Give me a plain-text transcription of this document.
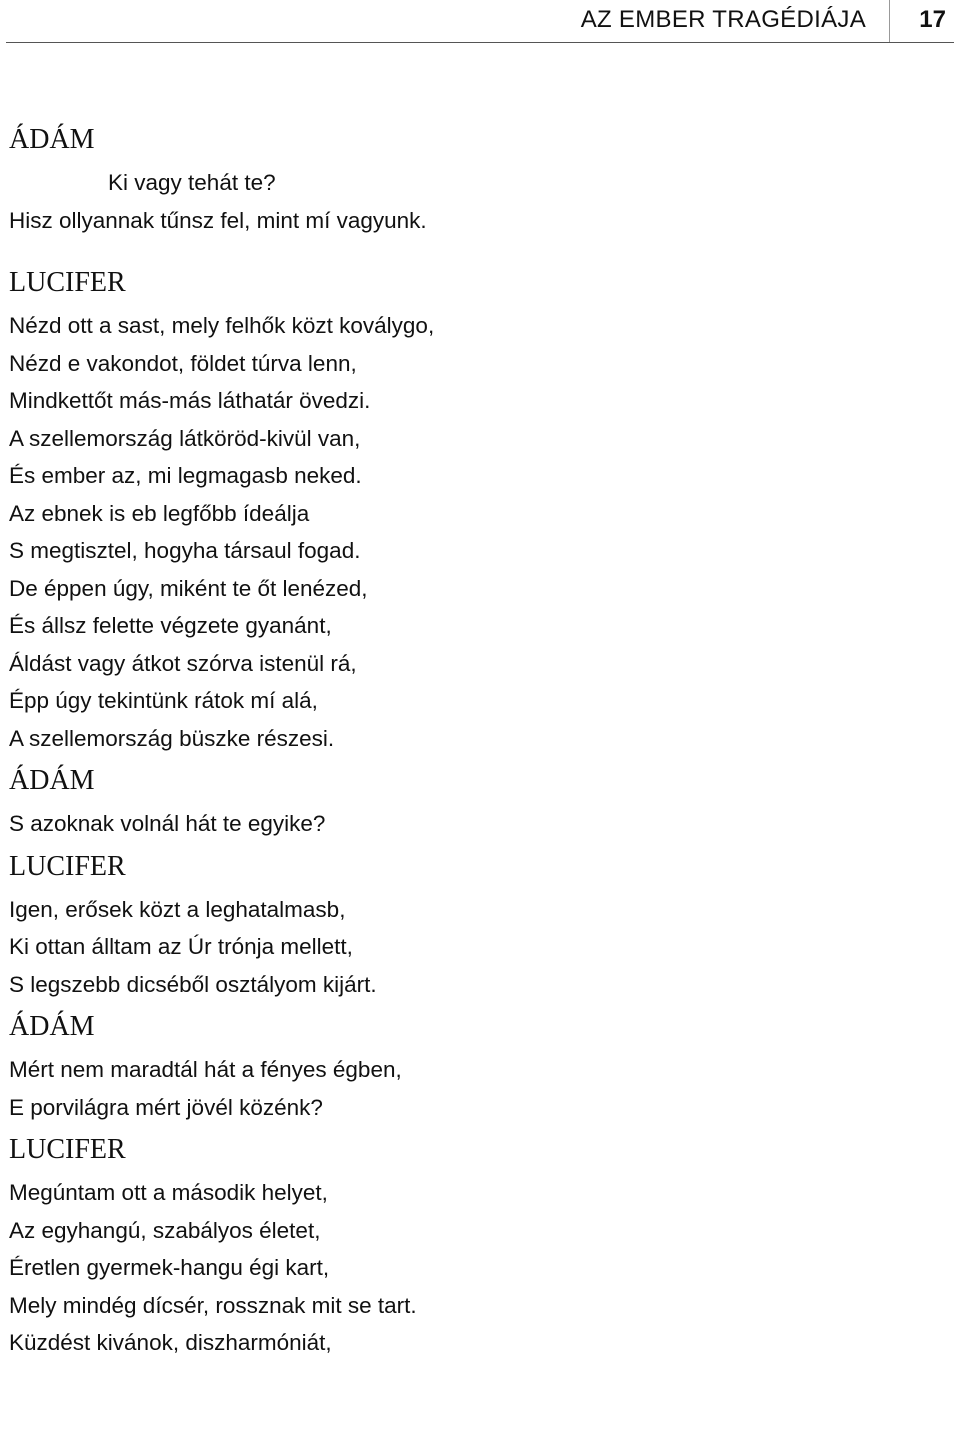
AZ EMBER TRAGÉDIÁJA 17
ÁDÁM
Ki vagy tehát te?
Hisz ollyannak tűnsz fel, mint mí vagyunk.
LUCIFER
Nézd ott a sast, mely felhők közt koválygo,
Nézd e vakondot, földet túrva lenn,
Mindkettőt más-más láthatár övedzi.
A szellemország látköröd-kivül van,
És ember az, mi legmagasb neked.
Az ebnek is eb legfőbb ídeálja
S megtisztel, hogyha társaul fogad.
De éppen úgy, miként te őt lenézed,
És állsz felette végzete gyanánt,
Áldást vagy átkot szórva istenül rá,
Épp úgy tekintünk rátok mí alá,
A szellemország büszke részesi.
ÁDÁM
S azoknak volnál hát te egyike?
LUCIFER
Igen, erősek közt a leghatalmasb,
Ki ottan álltam az Úr trónja mellett,
S legszebb dicséből osztályom kijárt.
ÁDÁM
Mért nem maradtál hát a fényes égben,
E porvilágra mért jövél közénk?
LUCIFER
Megúntam ott a második helyet,
Az egyhangú, szabályos életet,
Éretlen gyermek-hangu égi kart,
Mely mindég dícsér, rossznak mit se tart.
Küzdést kivánok, diszharmóniát,
